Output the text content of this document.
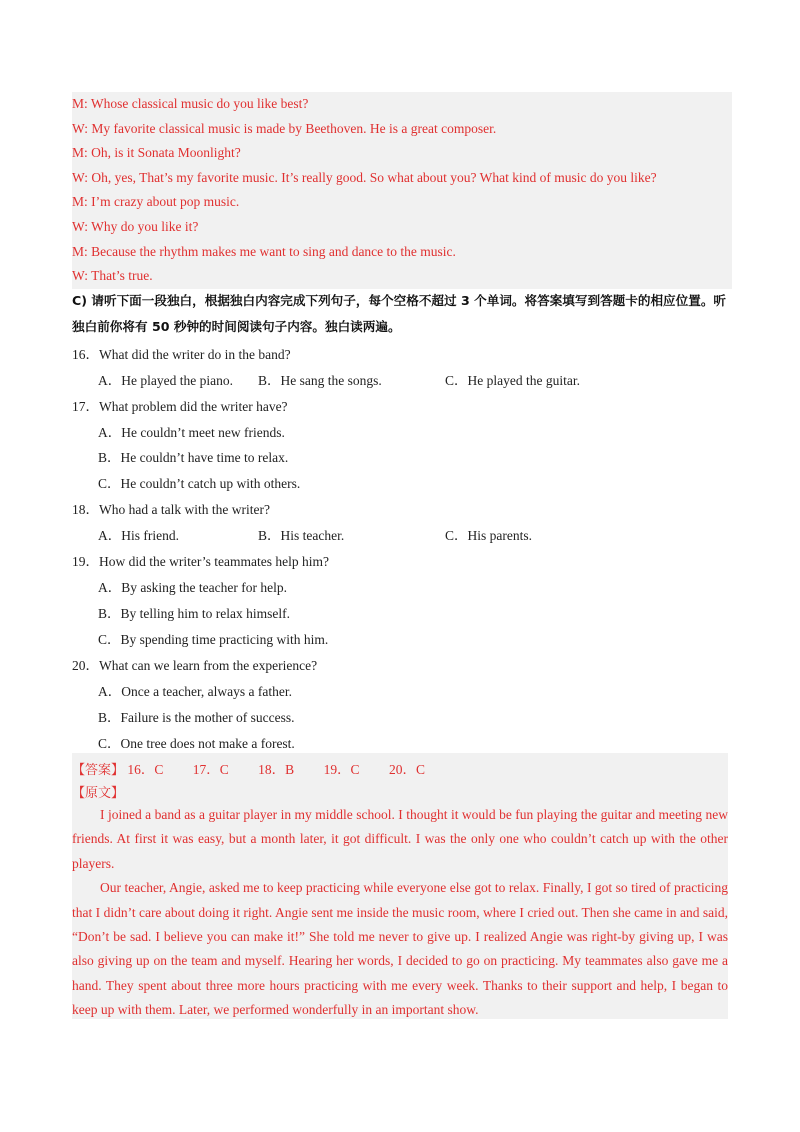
M: Whose classical music do you like best?
W: My favorite classical music is made by Beethoven. He is a great composer.
M: Oh, is it Sonata Moonlight?
W: Oh, yes, That’s my favorite music. It’s really good. So what about you? What kind of music do you like?
M: I’m crazy about pop music.
W: Why do you like it?
M: Because the rhythm makes me want to sing and dance to the music.
W: That’s true.
C) 请听下面一段独白，根据独白内容完成下列句子，每个空格不超过 3 个单词。将答案填写到答题卡的相应位置。听独白前你将有 50 秒钟的时间阅读句子内容。独白读两遍。
16．What did the writer do in the band?
A．He played the piano. B．He sang the songs.	C．He played the guitar.
17．What problem did the writer have?
A．He couldn’t meet new friends.
B．He couldn’t have time to relax.
C．He couldn’t catch up with others.
18．Who had a talk with the writer?
A．His friend.	B．His teacher.	C．His parents.
19．How did the writer’s teammates help him?
A．By asking the teacher for help.
B．By telling him to relax himself.
C．By spending time practicing with him.
20．What can we learn from the experience?
A．Once a teacher, always a father.
B．Failure is the mother of success.
C．One tree does not make a forest.
【答案】 16．C 17．C 18．B 19．C 20．C
【原文】

I joined a band as a guitar player in my middle school. I thought it would be fun playing the guitar and meeting new friends. At first it was easy, but a month later, it got difficult. I was the only one who couldn’t catch up with the other players.

Our teacher, Angie, asked me to keep practicing while everyone else got to relax. Finally, I got so tired of practicing that I didn’t care about doing it right. Angie sent me inside the music room, where I cried out. Then she came in and said, “Don’t be sad. I believe you can make it!” She told me never to give up. I realized Angie was right-by giving up, I was also giving up on the team and myself. Hearing her words, I decided to go on practicing. My teammates also gave me a hand. They spent about three more hours practicing with me every week. Thanks to their support and help, I began to keep up with them. Later, we performed wonderfully in an important show.
